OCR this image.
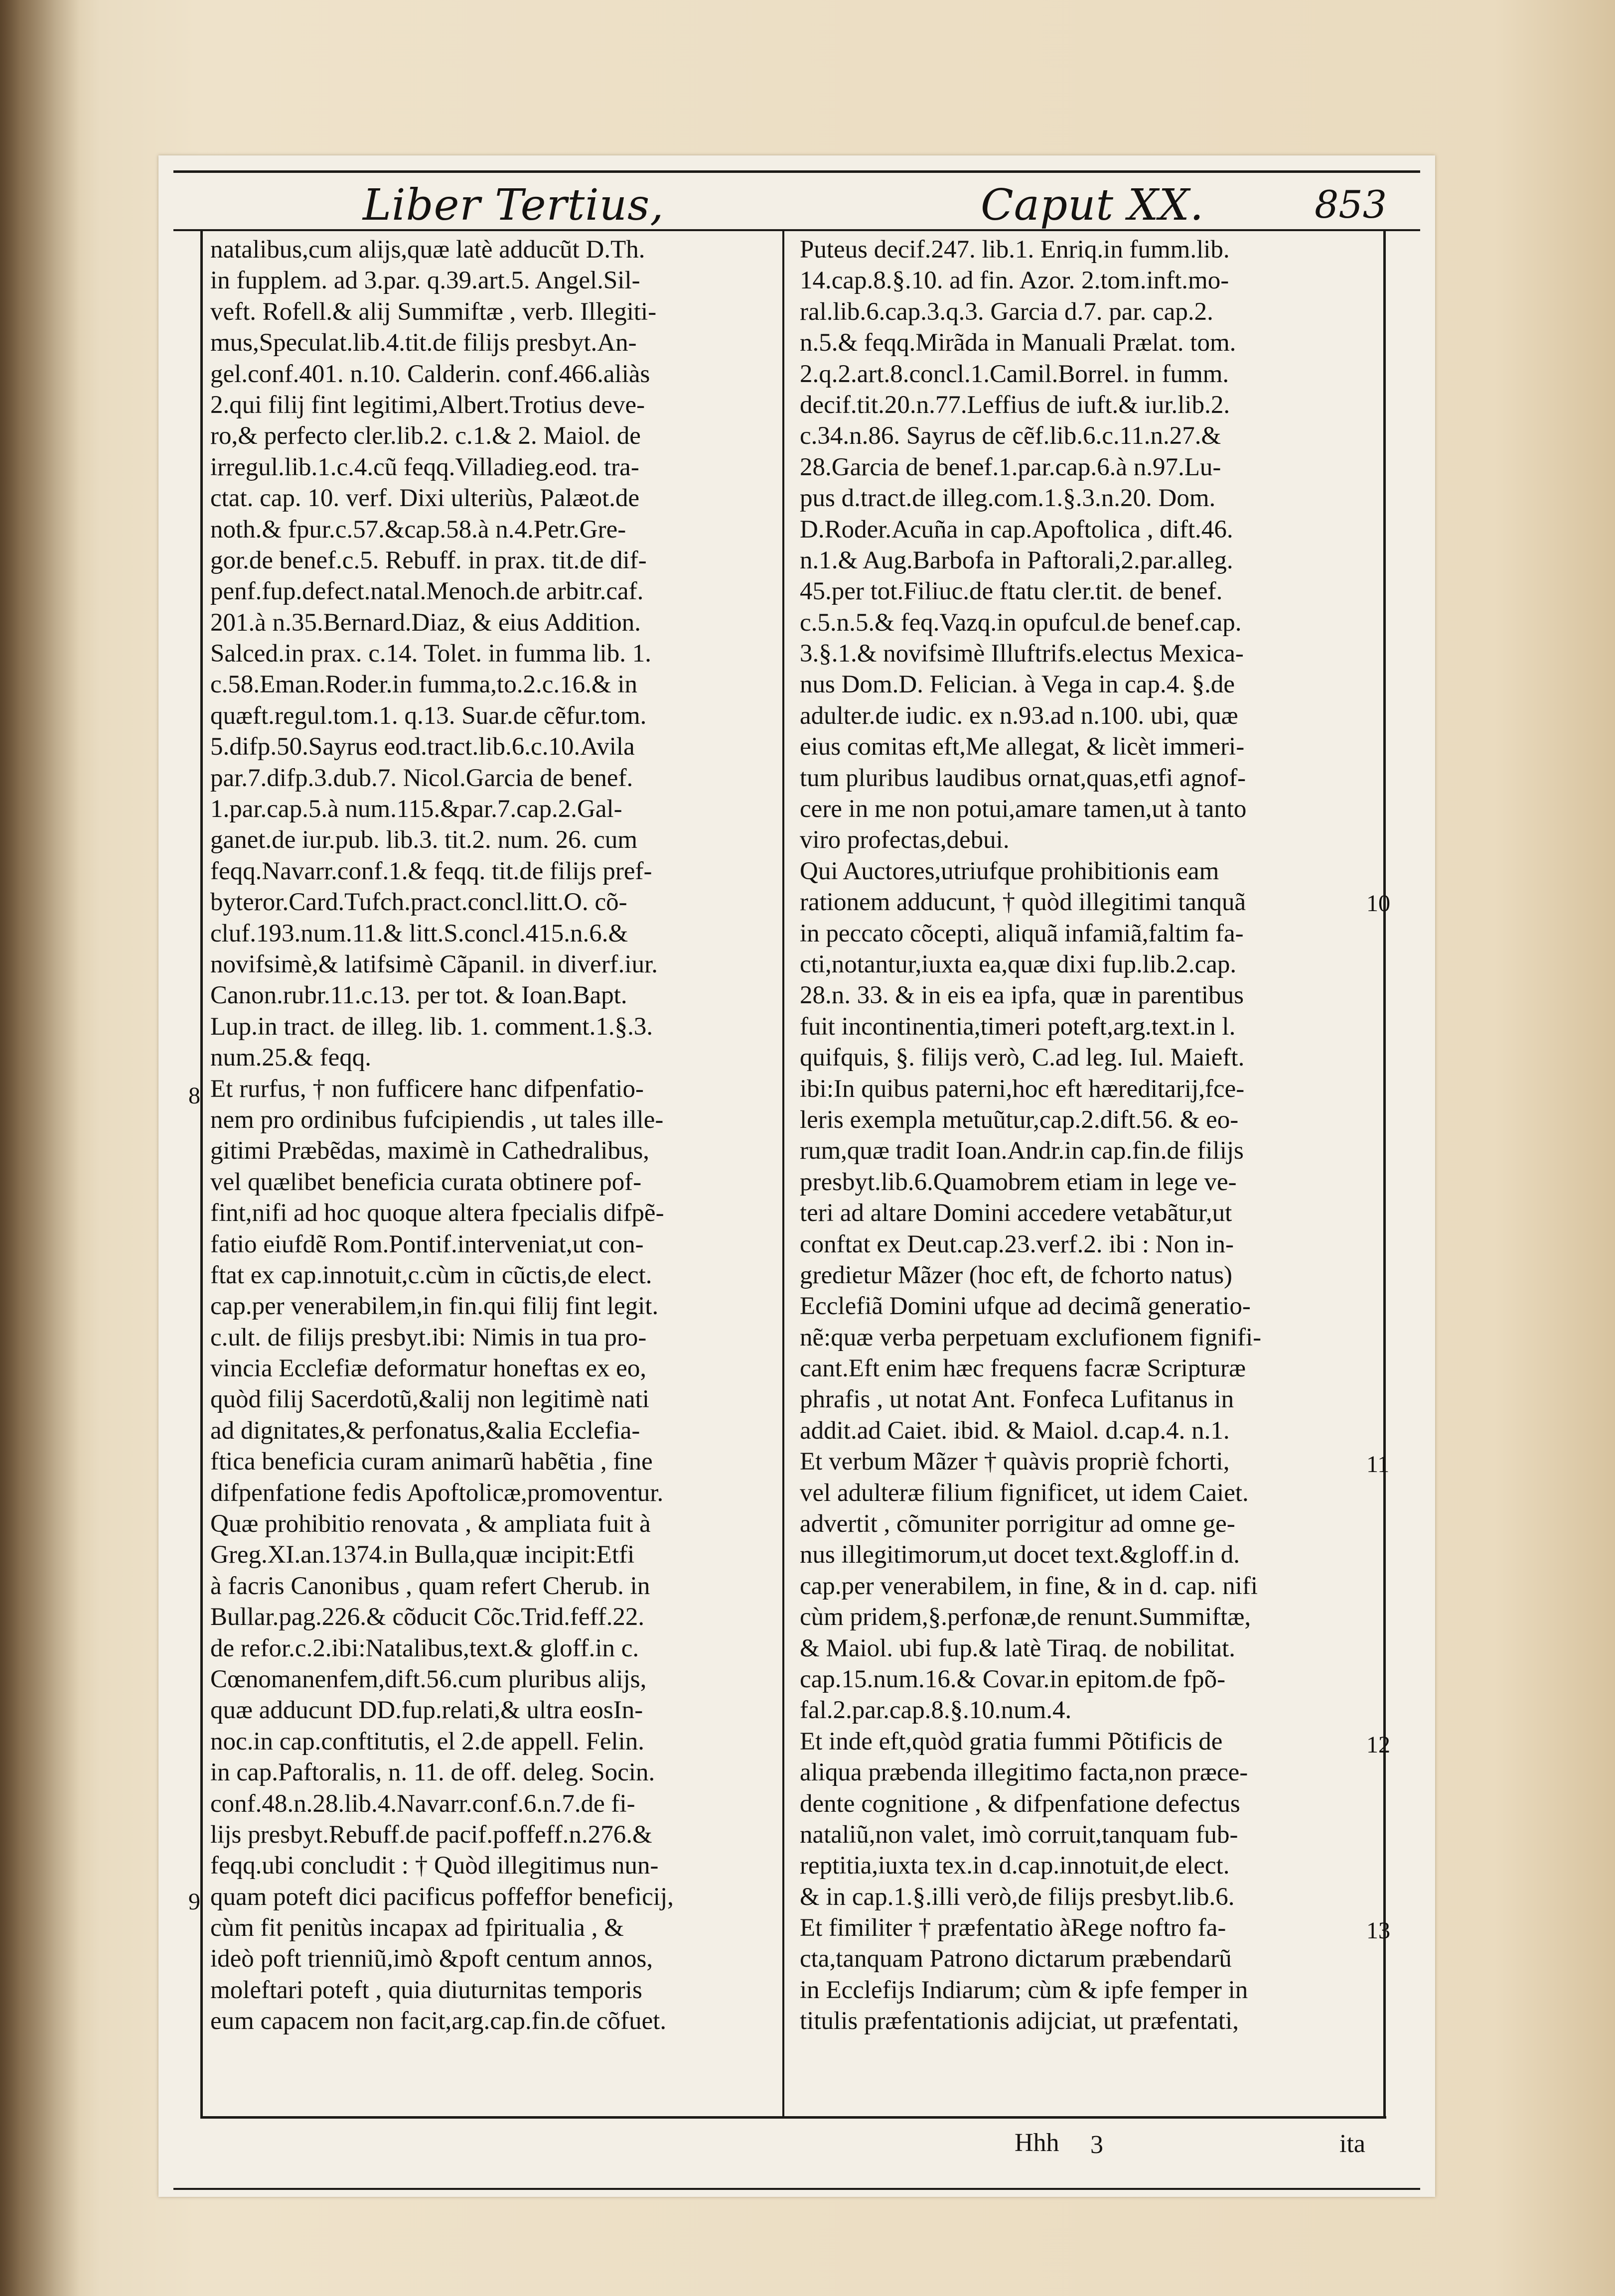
Liber Tertius,	Caput XX.	853
natalibus,cum alijs,quæ latè adducũt D.Th.
in fupplem. ad 3.par. q.39.art.5. Angel.Sil-
veft. Rofell.& alij Summiftæ , verb. Illegiti-
mus,Speculat.lib.4.tit.de filijs presbyt.An-
gel.conf.401. n.10. Calderin. conf.466.aliàs
2.qui filij fint legitimi,Albert.Trotius deve-
ro,& perfecto cler.lib.2. c.1.& 2. Maiol. de
irregul.lib.1.c.4.cũ feqq.Villadieg.eod. tra-
ctat. cap. 10. verf. Dixi ulteriùs, Palæot.de
noth.& fpur.c.57.&cap.58.à n.4.Petr.Gre-
gor.de benef.c.5. Rebuff. in prax. tit.de dif-
penf.fup.defect.natal.Menoch.de arbitr.caf.
201.à n.35.Bernard.Diaz, & eius Addition.
Salced.in prax. c.14. Tolet. in fumma lib. 1.
c.58.Eman.Roder.in fumma,to.2.c.16.& in
quæft.regul.tom.1. q.13. Suar.de cẽfur.tom.
5.difp.50.Sayrus eod.tract.lib.6.c.10.Avila
par.7.difp.3.dub.7. Nicol.Garcia de benef.
1.par.cap.5.à num.115.&par.7.cap.2.Gal-
ganet.de iur.pub. lib.3. tit.2. num. 26. cum
feqq.Navarr.conf.1.& feqq. tit.de filijs pref-
byteror.Card.Tufch.pract.concl.litt.O. cõ-
cluf.193.num.11.& litt.S.concl.415.n.6.&
novifsimè,& latifsimè Cãpanil. in diverf.iur.
Canon.rubr.11.c.13. per tot. & Ioan.Bapt.
Lup.in tract. de illeg. lib. 1. comment.1.§.3.
num.25.& feqq.
Et rurfus, † non fufficere hanc difpenfatio-
nem pro ordinibus fufcipiendis , ut tales ille-
gitimi Præbẽdas, maximè in Cathedralibus,
vel quælibet beneficia curata obtinere pof-
fint,nifi ad hoc quoque altera fpecialis difpẽ-
fatio eiufdẽ Rom.Pontif.interveniat,ut con-
ftat ex cap.innotuit,c.cùm in cũctis,de elect.
cap.per venerabilem,in fin.qui filij fint legit.
c.ult. de filijs presbyt.ibi: Nimis in tua pro-
vincia Ecclefiæ deformatur honeftas ex eo,
quòd filij Sacerdotũ,&alij non legitimè nati
ad dignitates,& perfonatus,&alia Ecclefia-
ftica beneficia curam animarũ habẽtia , fine
difpenfatione fedis Apoftolicæ,promoventur.
Quæ prohibitio renovata , & ampliata fuit à
Greg.XI.an.1374.in Bulla,quæ incipit:Etfi
à facris Canonibus , quam refert Cherub. in
Bullar.pag.226.& cõducit Cõc.Trid.feff.22.
de refor.c.2.ibi:Natalibus,text.& gloff.in c.
Cœnomanenfem,dift.56.cum pluribus alijs,
quæ adducunt DD.fup.relati,& ultra eosIn-
noc.in cap.conftitutis, el 2.de appell. Felin.
in cap.Paftoralis, n. 11. de off. deleg. Socin.
conf.48.n.28.lib.4.Navarr.conf.6.n.7.de fi-
lijs presbyt.Rebuff.de pacif.poffeff.n.276.&
feqq.ubi concludit : † Quòd illegitimus nun-
quam poteft dici pacificus poffeffor beneficij,
cùm fit penitùs incapax ad fpiritualia , &
ideò poft trienniũ,imò &poft centum annos,
moleftari poteft , quia diuturnitas temporis
eum capacem non facit,arg.cap.fin.de cõfuet.
Puteus decif.247. lib.1. Enriq.in fumm.lib.
14.cap.8.§.10. ad fin. Azor. 2.tom.inft.mo-
ral.lib.6.cap.3.q.3. Garcia d.7. par. cap.2.
n.5.& feqq.Mirãda in Manuali Prælat. tom.
2.q.2.art.8.concl.1.Camil.Borrel. in fumm.
decif.tit.20.n.77.Leffius de iuft.& iur.lib.2.
c.34.n.86. Sayrus de cẽf.lib.6.c.11.n.27.&
28.Garcia de benef.1.par.cap.6.à n.97.Lu-
pus d.tract.de illeg.com.1.§.3.n.20. Dom.
D.Roder.Acuña in cap.Apoftolica , dift.46.
n.1.& Aug.Barbofa in Paftorali,2.par.alleg.
45.per tot.Filiuc.de ftatu cler.tit. de benef.
c.5.n.5.& feq.Vazq.in opufcul.de benef.cap.
3.§.1.& novifsimè Illuftrifs.electus Mexica-
nus Dom.D. Felician. à Vega in cap.4. §.de
adulter.de iudic. ex n.93.ad n.100. ubi, quæ
eius comitas eft,Me allegat, & licèt immeri-
tum pluribus laudibus ornat,quas,etfi agnof-
cere in me non potui,amare tamen,ut à tanto
viro profectas,debui.
Qui Auctores,utriufque prohibitionis eam
rationem adducunt, † quòd illegitimi tanquã
in peccato cõcepti, aliquã infamiã,faltim fa-
cti,notantur,iuxta ea,quæ dixi fup.lib.2.cap.
28.n. 33. & in eis ea ipfa, quæ in parentibus
fuit incontinentia,timeri poteft,arg.text.in l.
quifquis, §. filijs verò, C.ad leg. Iul. Maieft.
ibi:In quibus paterni,hoc eft hæreditarij,fce-
leris exempla metuũtur,cap.2.dift.56. & eo-
rum,quæ tradit Ioan.Andr.in cap.fin.de filijs
presbyt.lib.6.Quamobrem etiam in lege ve-
teri ad altare Domini accedere vetabãtur,ut
conftat ex Deut.cap.23.verf.2. ibi : Non in-
gredietur Mãzer (hoc eft, de fchorto natus)
Ecclefiã Domini ufque ad decimã generatio-
nẽ:quæ verba perpetuam exclufionem fignifi-
cant.Eft enim hæc frequens facræ Scripturæ
phrafis , ut notat Ant. Fonfeca Lufitanus in
addit.ad Caiet. ibid. & Maiol. d.cap.4. n.1.
Et verbum Mãzer † quàvis propriè fchorti,
vel adulteræ filium fignificet, ut idem Caiet.
advertit , cõmuniter porrigitur ad omne ge-
nus illegitimorum,ut docet text.&gloff.in d.
cap.per venerabilem, in fine, & in d. cap. nifi
cùm pridem,§.perfonæ,de renunt.Summiftæ,
& Maiol. ubi fup.& latè Tiraq. de nobilitat.
cap.15.num.16.& Covar.in epitom.de fpõ-
fal.2.par.cap.8.§.10.num.4.
Et inde eft,quòd gratia fummi Põtificis de
aliqua præbenda illegitimo facta,non præce-
dente cognitione , & difpenfatione defectus
nataliũ,non valet, imò corruit,tanquam fub-
reptitia,iuxta tex.in d.cap.innotuit,de elect.
& in cap.1.§.illi verò,de filijs presbyt.lib.6.
Et fimiliter † præfentatio àRege noftro fa-
cta,tanquam Patrono dictarum præbendarũ
in Ecclefijs Indiarum; cùm & ipfe femper in
titulis præfentationis adijciat, ut præfentati,
8
9
10
11
12
13
Hhh 3	ita
